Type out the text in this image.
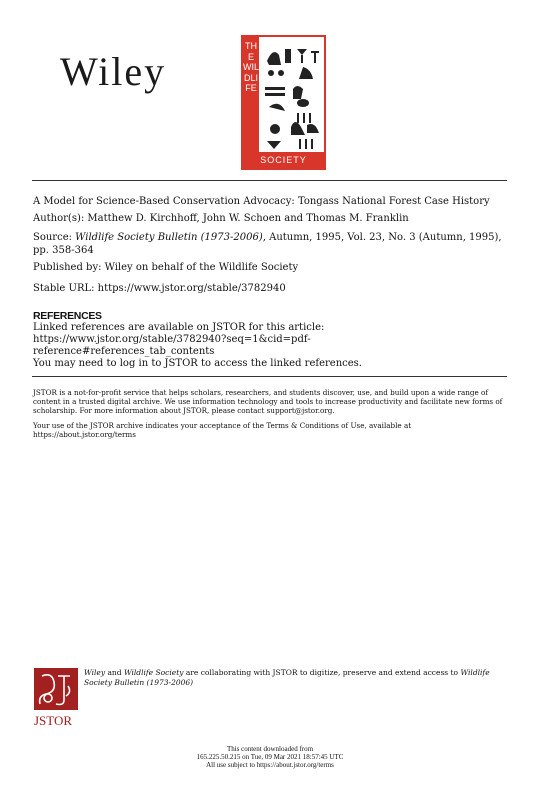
Wiley
THE WILDLIFE
SOCIETY
A Model for Science-Based Conservation Advocacy: Tongass National Forest Case History
Author(s): Matthew D. Kirchhoff, John W. Schoen and Thomas M. Franklin
Source: Wildlife Society Bulletin (1973-2006), Autumn, 1995, Vol. 23, No. 3 (Autumn, 1995), pp. 358-364
Published by: Wiley on behalf of the Wildlife Society
Stable URL: https://www.jstor.org/stable/3782940
REFERENCES
Linked references are available on JSTOR for this article:
https://www.jstor.org/stable/3782940?seq=1&cid=pdf-
reference#references_tab_contents
You may need to log in to JSTOR to access the linked references.
JSTOR is a not-for-profit service that helps scholars, researchers, and students discover, use, and build upon a wide range of content in a trusted digital archive. We use information technology and tools to increase productivity and facilitate new forms of scholarship. For more information about JSTOR, please contact support@jstor.org.
Your use of the JSTOR archive indicates your acceptance of the Terms & Conditions of Use, available at https://about.jstor.org/terms
JSTOR
Wiley and Wildlife Society are collaborating with JSTOR to digitize, preserve and extend access to Wildlife Society Bulletin (1973-2006)
This content downloaded from
165.225.50.215 on Tue, 09 Mar 2021 18:57:45 UTC
All use subject to https://about.jstor.org/terms
